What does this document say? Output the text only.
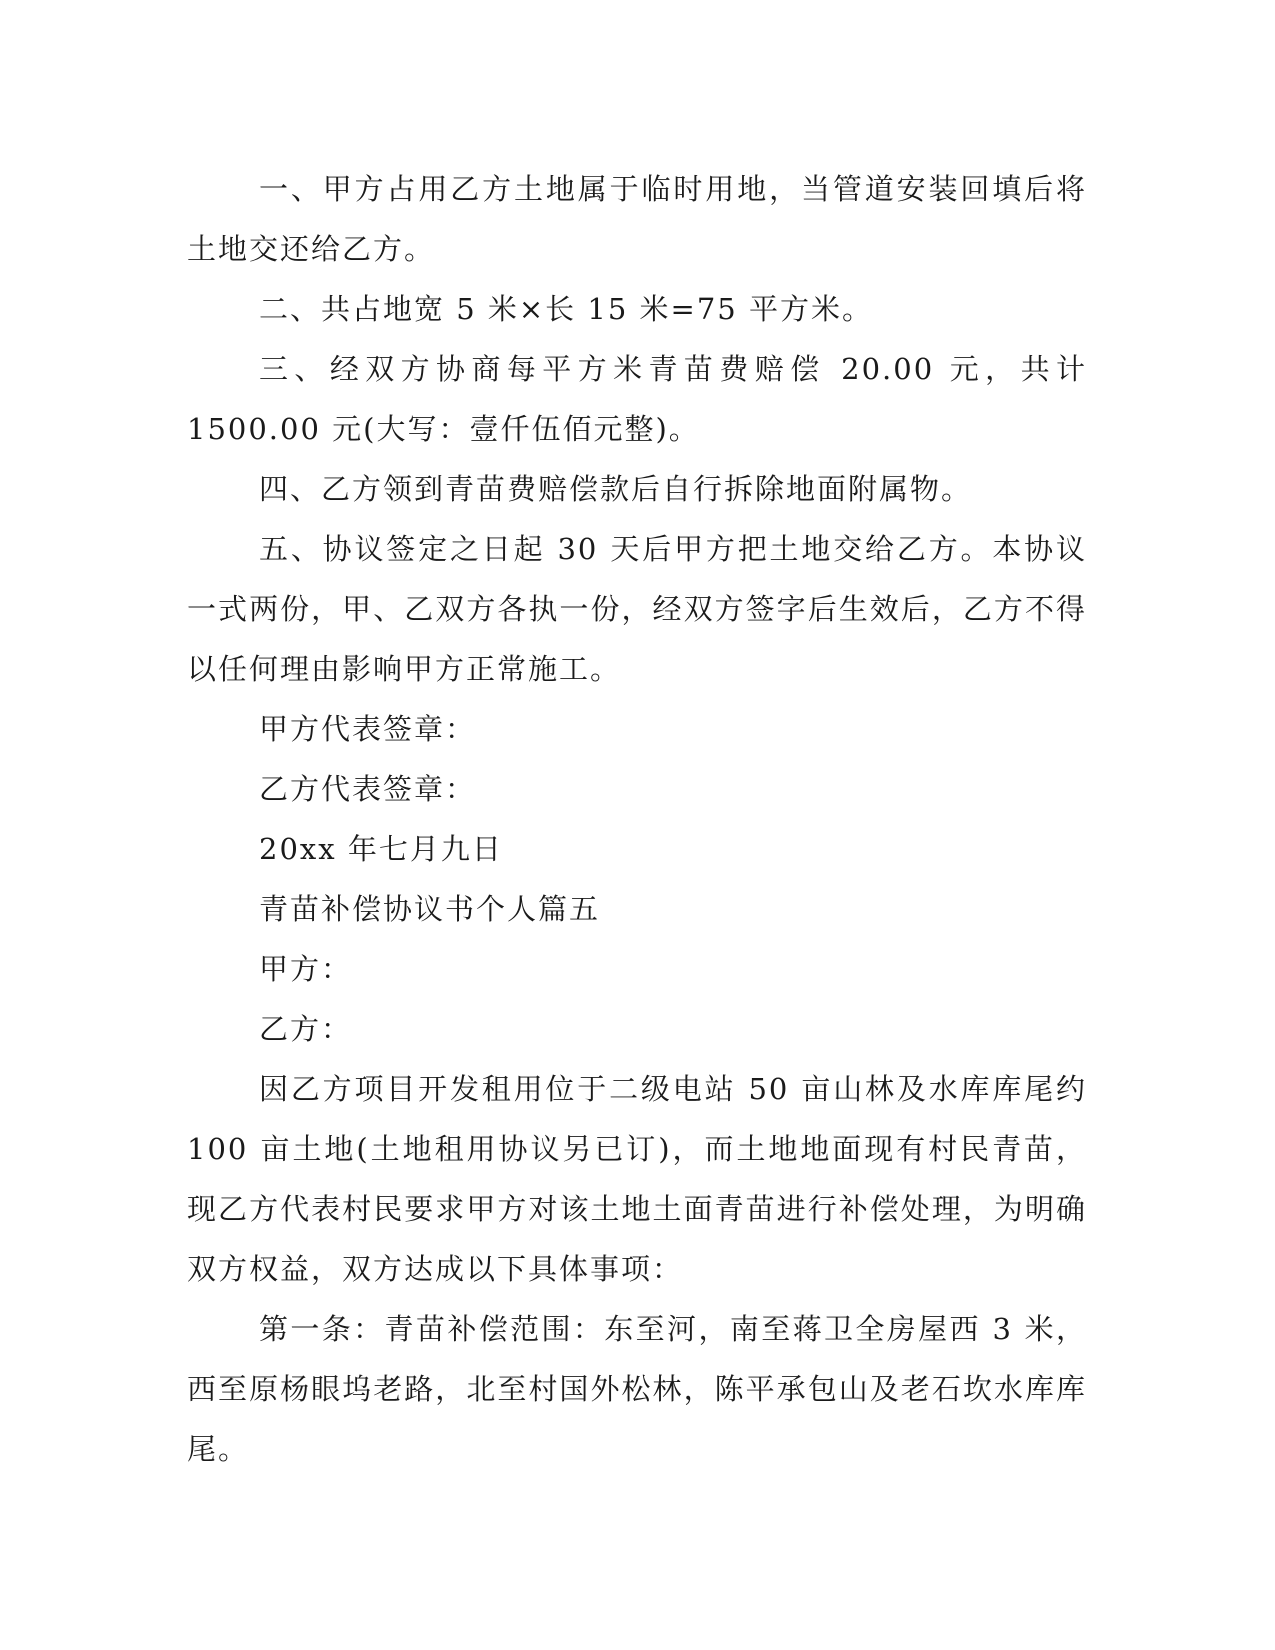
一、甲方占用乙方土地属于临时用地，当管道安装回填后将土地交还给乙方。

二、共占地宽 5 米×长 15 米=75 平方米。

三、经双方协商每平方米青苗费赔偿 20.00 元，共计 1500.00 元(大写：壹仟伍佰元整)。

四、乙方领到青苗费赔偿款后自行拆除地面附属物。

五、协议签定之日起 30 天后甲方把土地交给乙方。本协议一式两份，甲、乙双方各执一份，经双方签字后生效后，乙方不得以任何理由影响甲方正常施工。

甲方代表签章：

乙方代表签章：

20xx 年七月九日

青苗补偿协议书个人篇五

甲方：

乙方：

因乙方项目开发租用位于二级电站 50 亩山林及水库库尾约 100 亩土地(土地租用协议另已订)，而土地地面现有村民青苗，现乙方代表村民要求甲方对该土地土面青苗进行补偿处理，为明确双方权益，双方达成以下具体事项：

第一条：青苗补偿范围：东至河，南至蒋卫全房屋西 3 米，西至原杨眼坞老路，北至村国外松林，陈平承包山及老石坎水库库尾。
